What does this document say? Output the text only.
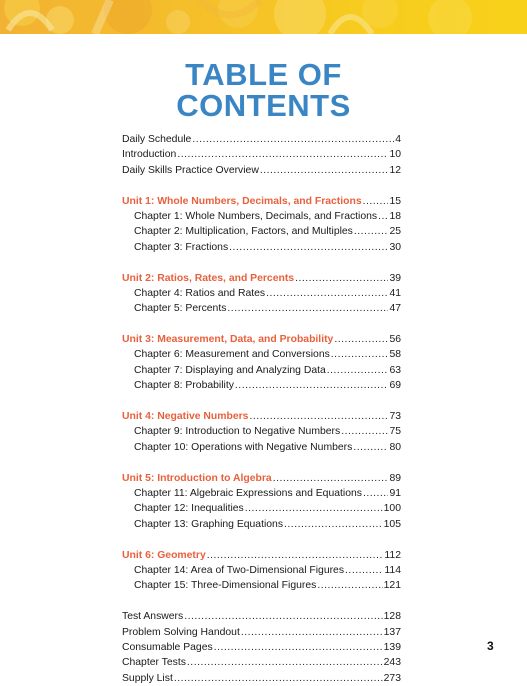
TABLE OF
CONTENTS
Daily Schedule .....	4
Introduction .....	10
Daily Skills Practice Overview .....	12
Unit 1: Whole Numbers, Decimals, and Fractions .....	15
Chapter 1: Whole Numbers, Decimals, and Fractions ..... 18
Chapter 2: Multiplication, Factors, and Multiples .....	25
Chapter 3: Fractions .....	30
Unit 2: Ratios, Rates, and Percents .....	39
Chapter 4: Ratios and Rates .....	41
Chapter 5: Percents .....	47
Unit 3: Measurement, Data, and Probability .....	56
Chapter 6: Measurement and Conversions .....	58
Chapter 7: Displaying and Analyzing Data .....	63
Chapter 8: Probability .....	69
Unit 4: Negative Numbers .....	73
Chapter 9: Introduction to Negative Numbers .....	75
Chapter 10: Operations with Negative Numbers .....	80
Unit 5: Introduction to Algebra .....	89
Chapter 11: Algebraic Expressions and Equations .....	91
Chapter 12: Inequalities .....	100
Chapter 13: Graphing Equations .....	105
Unit 6: Geometry .....	112
Chapter 14: Area of Two-Dimensional Figures .....	114
Chapter 15: Three-Dimensional Figures .....	121
Test Answers .....	128
Problem Solving Handout .....	137
Consumable Pages .....	139
Chapter Tests .....	243
Supply List .....	273
3
